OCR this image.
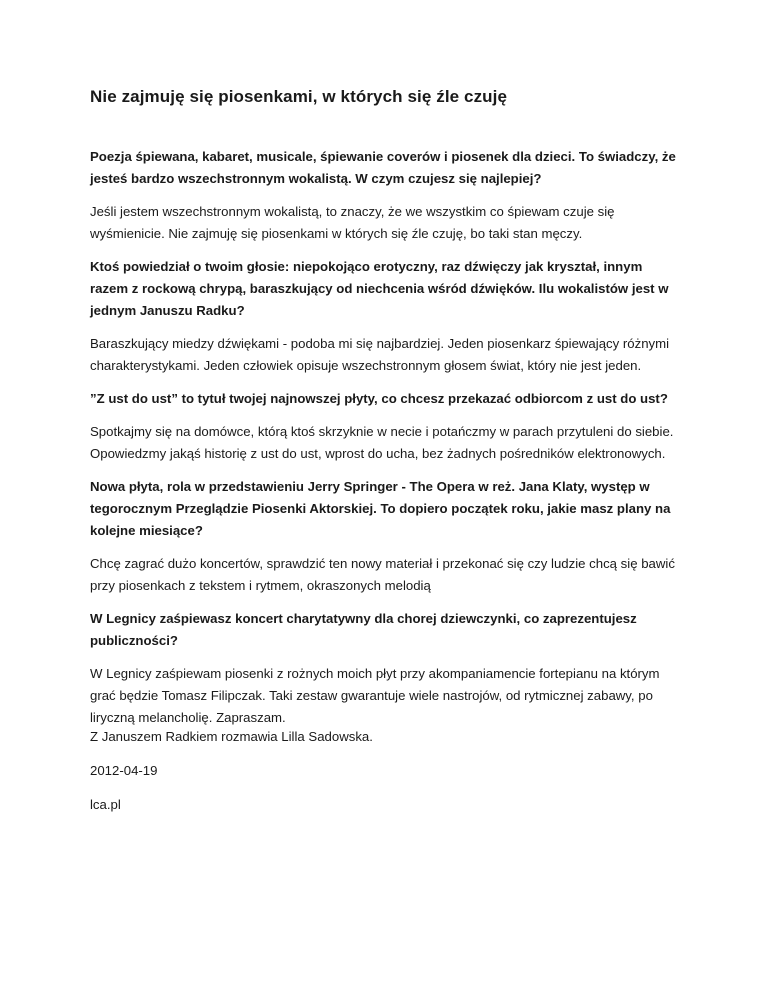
Nie zajmuję się piosenkami, w których się źle czuję

Poezja śpiewana, kabaret, musicale, śpiewanie coverów i piosenek dla dzieci. To świadczy, że jesteś bardzo wszechstronnym wokalistą. W czym czujesz się najlepiej?

Jeśli jestem wszechstronnym wokalistą, to znaczy, że we wszystkim co śpiewam czuje się wyśmienicie. Nie zajmuję się piosenkami w których się źle czuję, bo taki stan męczy.

Ktoś powiedział o twoim głosie: niepokojąco erotyczny, raz dźwięczy jak kryształ, innym razem z rockową chrypą, baraszkujący od niechcenia wśród dźwięków. Ilu wokalistów jest w jednym Januszu Radku?

Baraszkujący miedzy dźwiękami - podoba mi się najbardziej. Jeden piosenkarz śpiewający różnymi charakterystykami. Jeden człowiek opisuje wszechstronnym głosem świat, który nie jest jeden.

”Z ust do ust” to tytuł twojej najnowszej płyty, co chcesz przekazać odbiorcom z ust do ust?

Spotkajmy się na domówce, którą ktoś skrzyknie w necie i potańczmy w parach przytuleni do siebie. Opowiedzmy jakąś historię z ust do ust, wprost do ucha, bez żadnych pośredników elektronowych.

Nowa płyta, rola w przedstawieniu Jerry Springer - The Opera w reż. Jana Klaty, występ w tegorocznym Przeglądzie Piosenki Aktorskiej. To dopiero początek roku, jakie masz plany na kolejne miesiące?

Chcę zagrać dużo koncertów, sprawdzić ten nowy materiał i przekonać się czy ludzie chcą się bawić przy piosenkach z tekstem i rytmem, okraszonych melodią

W Legnicy zaśpiewasz koncert charytatywny dla chorej dziewczynki, co zaprezentujesz publiczności?

W Legnicy zaśpiewam piosenki z rożnych moich płyt przy akompaniamencie fortepianu na którym grać będzie Tomasz Filipczak. Taki zestaw gwarantuje wiele nastrojów, od rytmicznej zabawy, po liryczną melancholię. Zapraszam.

Z Januszem Radkiem rozmawia Lilla Sadowska.

2012-04-19

lca.pl
